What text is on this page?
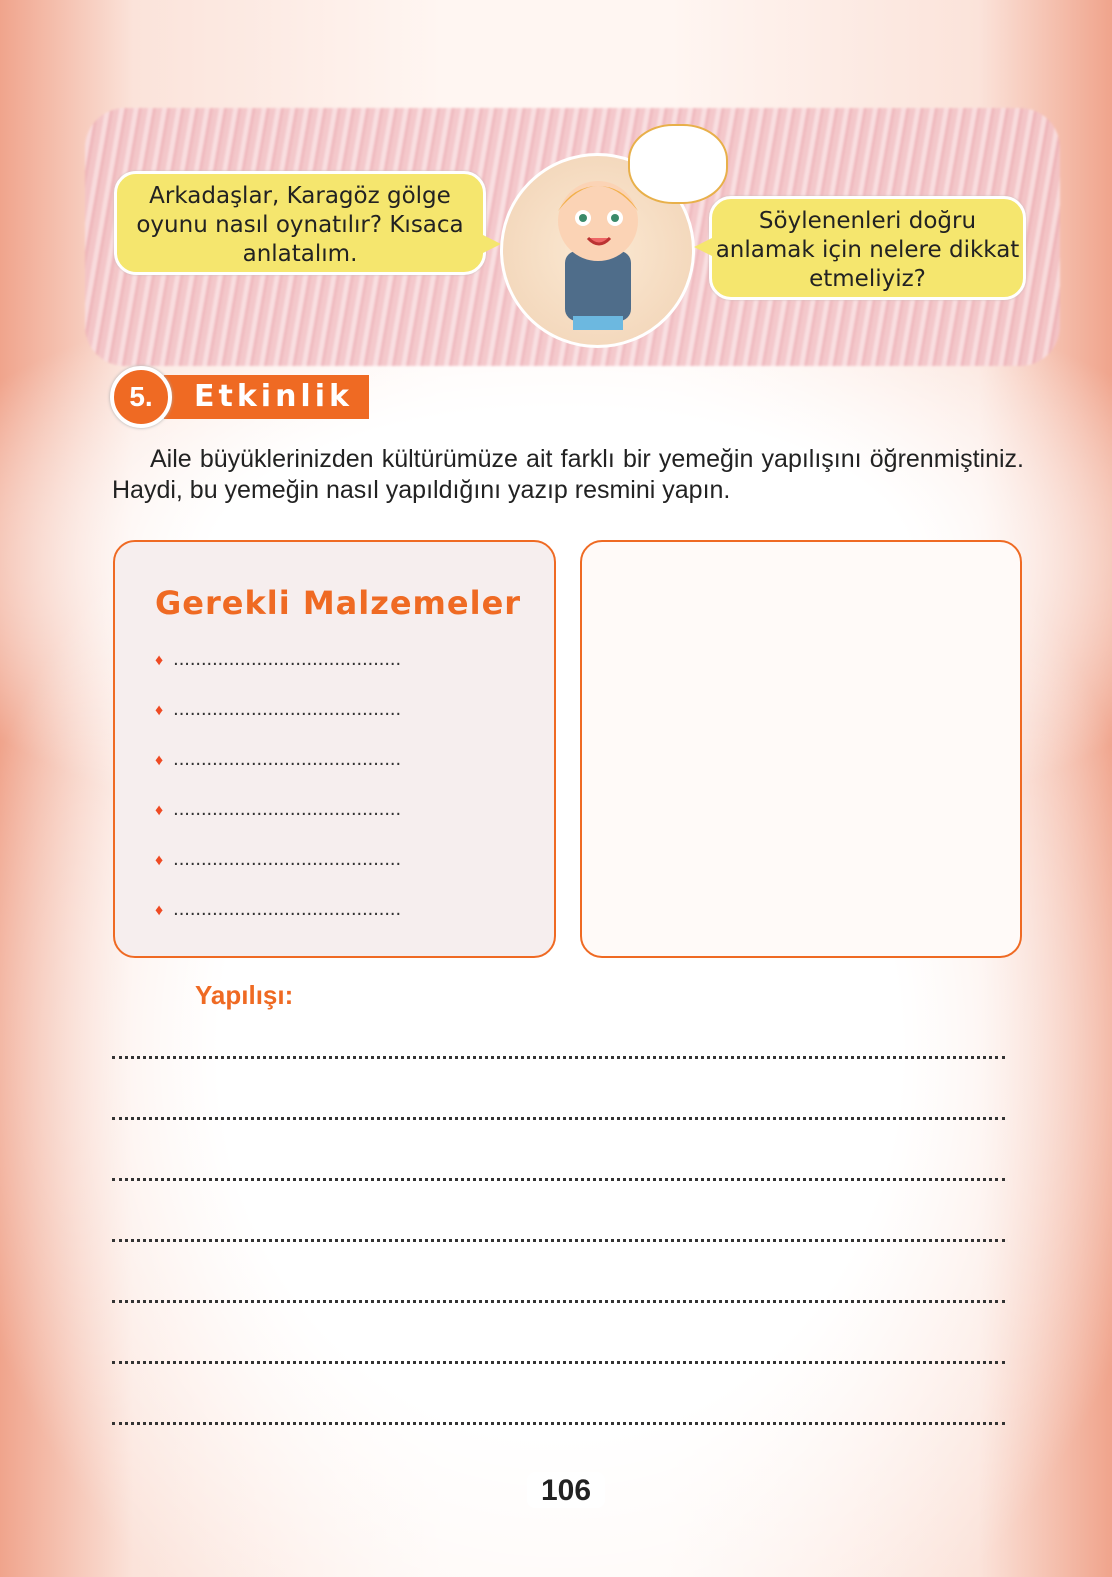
Arkadaşlar, Karagöz gölge oyunu nasıl oynatılır? Kısaca anlatalım.
Söylenenleri doğru anlamak için nelere dikkat etmeliyiz?
5.	Etkinlik

Aile büyüklerinizden kültürümüze ait farklı bir yemeğin yapılışını öğrenmiştiniz. Haydi, bu yemeğin nasıl yapıldığını yazıp resmini yapın.

Gerekli Malzemeler
♦ .........................................
♦ .........................................
♦ .........................................
♦ .........................................
♦ .........................................
♦ .........................................
Yapılışı:
106
